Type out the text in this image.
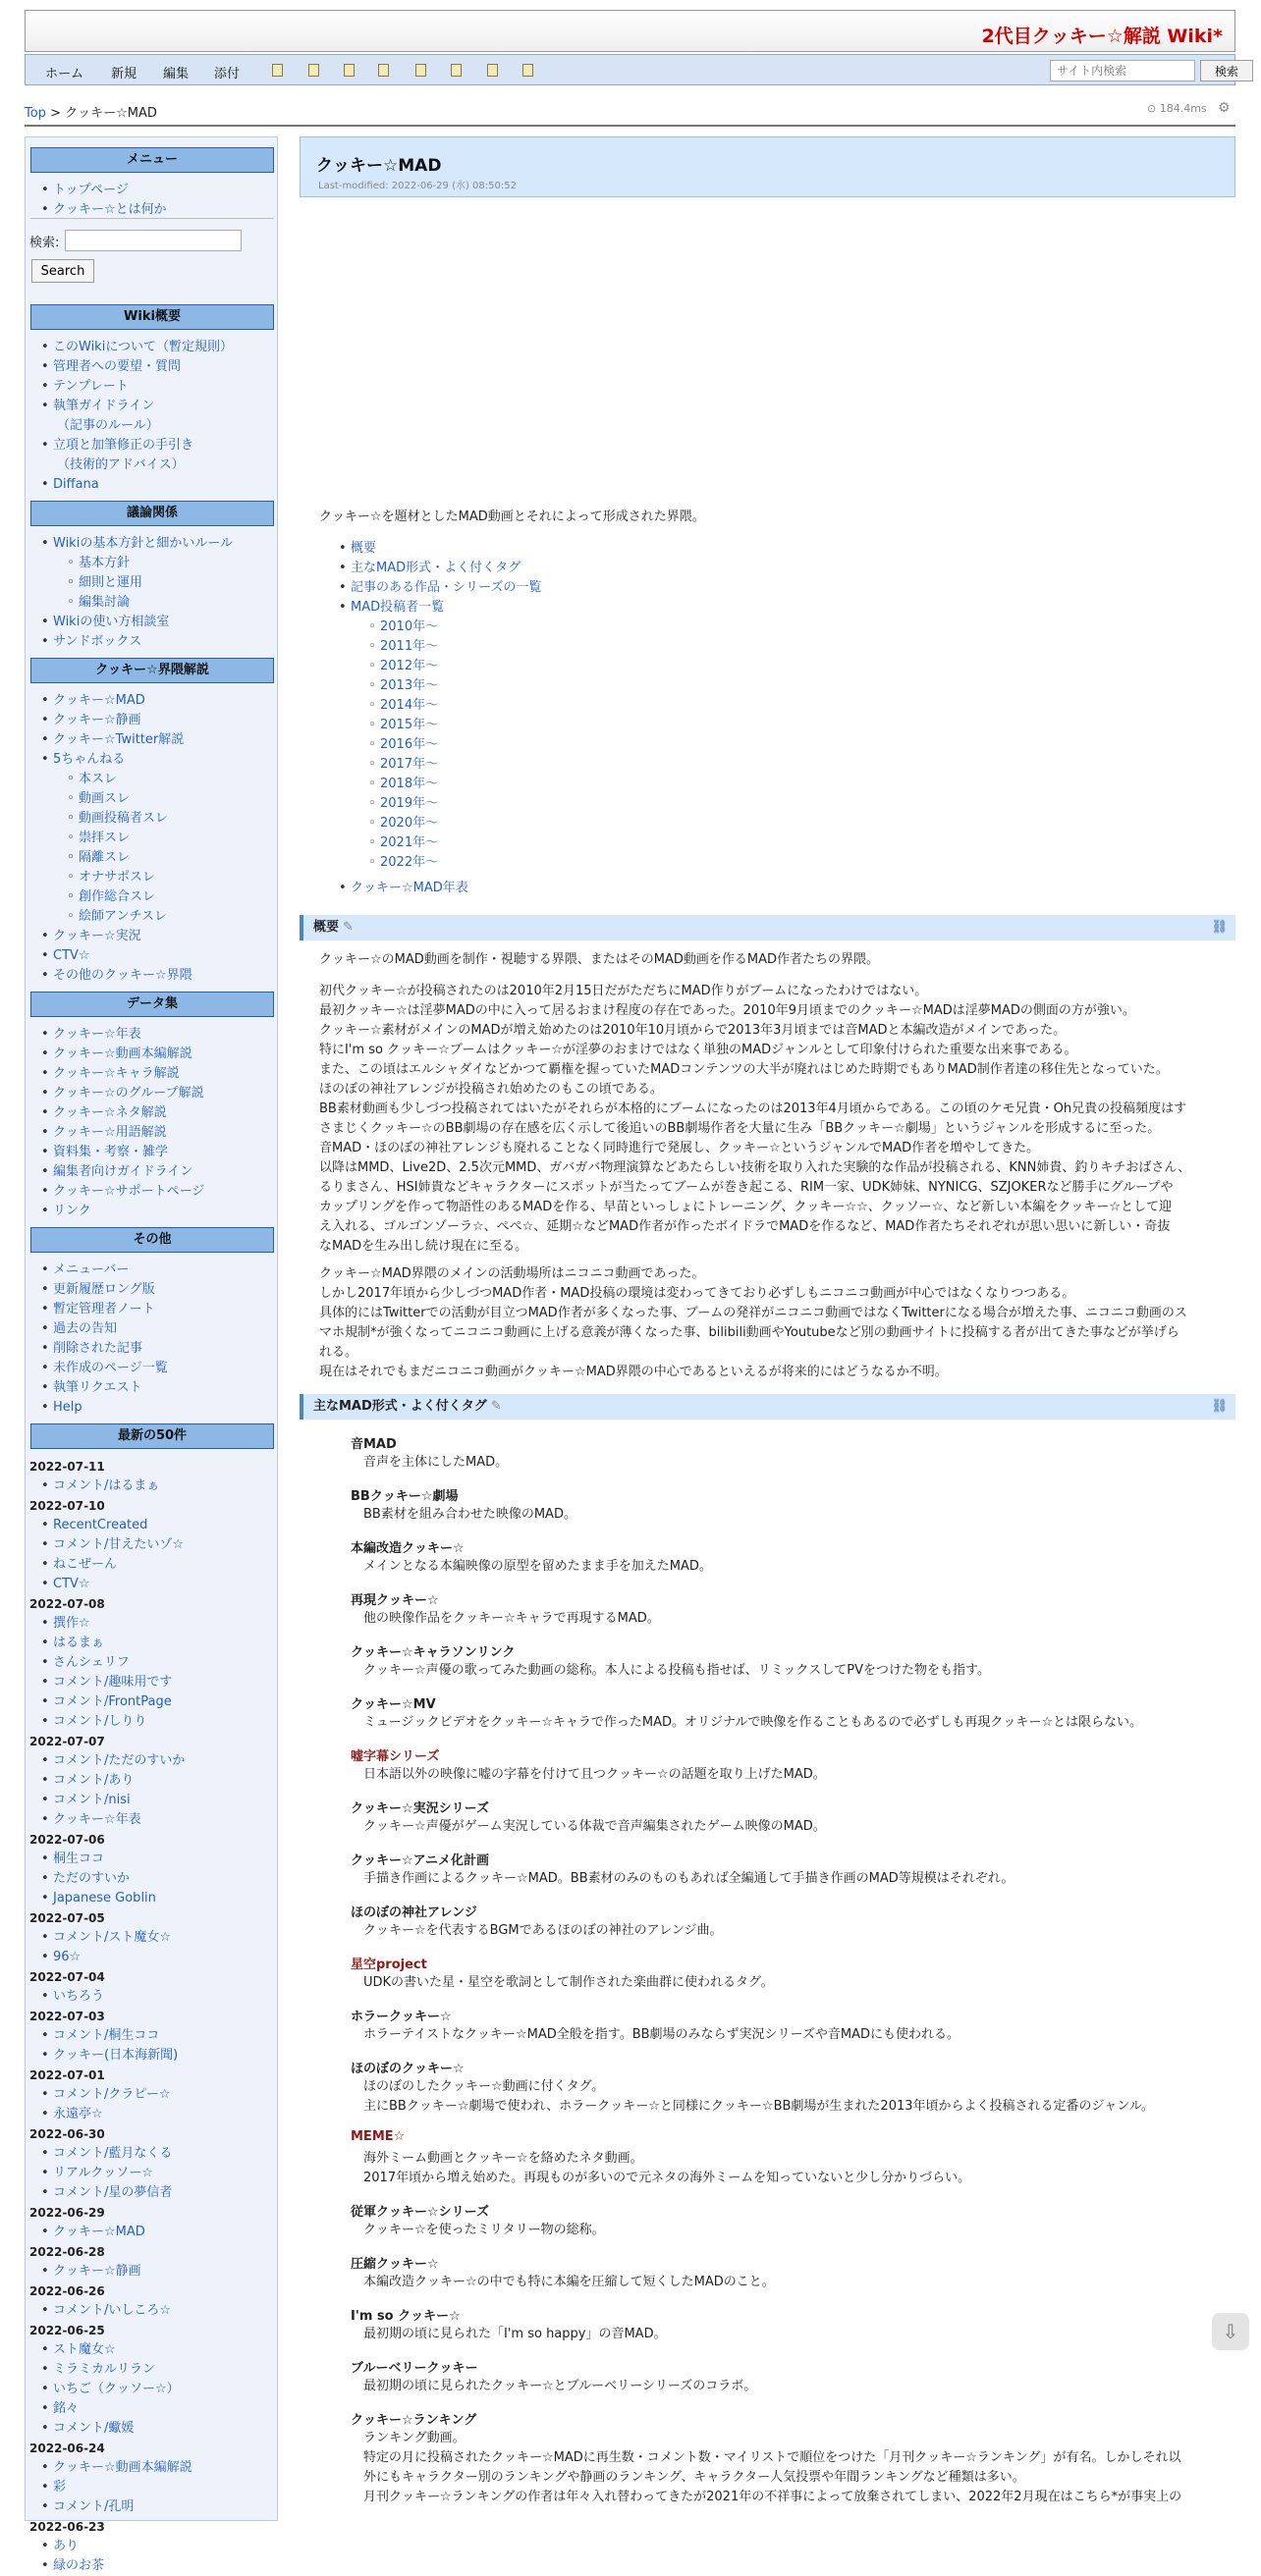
2代目クッキー☆解説 Wiki*
ホーム 新規 編集 添付
サイト内検索	検索
Top > クッキー☆MAD	⊙ 184.4ms ⚙
メニュー
• トップページ
• クッキー☆とは何か
検索:
Search
Wiki概要
• このWikiについて（暫定規則）
• 管理者への要望・質問
• テンプレート
• 執筆ガイドライン
（記事のルール）
• 立項と加筆修正の手引き
（技術的アドバイス）
• Diffana
議論関係
• Wikiの基本方針と細かいルール
◦ 基本方針
◦ 細則と運用
◦ 編集討論
• Wikiの使い方相談室
• サンドボックス
クッキー☆界隈解説
• クッキー☆MAD
• クッキー☆静画
• クッキー☆Twitter解説
• 5ちゃんねる
◦ 本スレ
◦ 動画スレ
◦ 動画投稿者スレ
◦ 祟拝スレ
◦ 隔離スレ
◦ オナサポスレ
◦ 創作総合スレ
◦ 絵師アンチスレ
• クッキー☆実況
• CTV☆
• その他のクッキー☆界隈
データ集
• クッキー☆年表
• クッキー☆動画本編解説
• クッキー☆キャラ解説
• クッキー☆のグループ解説
• クッキー☆ネタ解説
• クッキー☆用語解説
• 資料集・考察・雑学
• 編集者向けガイドライン
• クッキー☆サポートページ
• リンク
その他
• メニューバー
• 更新履歴ロング版
• 暫定管理者ノート
• 過去の告知
• 削除された記事
• 未作成のページ一覧
• 執筆リクエスト
• Help
最新の50件
2022-07-11
• コメント/はるまぁ
2022-07-10
• RecentCreated
• コメント/甘えたいゾ☆
• ねこぜーん
• CTV☆
2022-07-08
• 撰作☆
• はるまぁ
• さんシェリフ
• コメント/趣味用です
• コメント/FrontPage
• コメント/しりり
2022-07-07
• コメント/ただのすいか
• コメント/あり
• コメント/nisi
• クッキー☆年表
2022-07-06
• 桐生ココ
• ただのすいか
• Japanese Goblin
2022-07-05
• コメント/スト魔女☆
• 96☆
2022-07-04
• いちろう
2022-07-03
• コメント/桐生ココ
• クッキー(日本海新聞)
2022-07-01
• コメント/クラピー☆
• 永遠亭☆
2022-06-30
• コメント/藍月なくる
• リアルクッソー☆
• コメント/星の夢信者
2022-06-29
• クッキー☆MAD
2022-06-28
• クッキー☆静画
2022-06-26
• コメント/いしころ☆
2022-06-25
• スト魔女☆
• ミラミカルリラン
• いちご（クッソー☆）
• 銘々
• コメント/蠍媛
2022-06-24
• クッキー☆動画本編解説
• 彩
• コメント/孔明
2022-06-23
• あり
• 緑のお茶
クッキー☆MAD
Last-modified: 2022-06-29 (水) 08:50:52
クッキー☆を題材としたMAD動画とそれによって形成された界隈。
• 概要
• 主なMAD形式・よく付くタグ
• 記事のある作品・シリーズの一覧
• MAD投稿者一覧
◦ 2010年～
◦ 2011年～
◦ 2012年～
◦ 2013年～
◦ 2014年～
◦ 2015年～
◦ 2016年～
◦ 2017年～
◦ 2018年～
◦ 2019年～
◦ 2020年～
◦ 2021年～
◦ 2022年～
• クッキー☆MAD年表
概要 ✎	⛓
クッキー☆のMAD動画を制作・視聴する界隈、またはそのMAD動画を作るMAD作者たちの界隈。
初代クッキー☆が投稿されたのは2010年2月15日だがただちにMAD作りがブームになったわけではない。
最初クッキー☆は淫夢MADの中に入って居るおまけ程度の存在であった。2010年9月頃までのクッキー☆MADは淫夢MADの側面の方が強い。
クッキー☆素材がメインのMADが増え始めたのは2010年10月頃からで2013年3月頃までは音MADと本編改造がメインであった。
特にI'm so クッキー☆ブームはクッキー☆が淫夢のおまけではなく単独のMADジャンルとして印象付けられた重要な出来事である。
また、この頃はエルシャダイなどかつて覇権を握っていたMADコンテンツの大半が廃れはじめた時期でもありMAD制作者達の移住先となっていた。
ほのぼの神社アレンジが投稿され始めたのもこの頃である。
BB素材動画も少しづつ投稿されてはいたがそれらが本格的にブームになったのは2013年4月頃からである。この頃のケモ兄貴・Oh兄貴の投稿頻度はす
さまじくクッキー☆のBB劇場の存在感を広く示して後追いのBB劇場作者を大量に生み「BBクッキー☆劇場」というジャンルを形成するに至った。
音MAD・ほのぼの神社アレンジも廃れることなく同時進行で発展し、クッキー☆というジャンルでMAD作者を増やしてきた。
以降はMMD、Live2D、2.5次元MMD、ガバガバ物理演算などあたらしい技術を取り入れた実験的な作品が投稿される、KNN姉貴、釣りキチおばさん、
るりまさん、HSI姉貴などキャラクターにスポットが当たってブームが巻き起こる、RIM一家、UDK姉妹、NYNICG、SZJOKERなど勝手にグループや
カップリングを作って物語性のあるMADを作る、早苗といっしょにトレーニング、クッキー☆☆、クッソー☆、など新しい本編をクッキー☆として迎
え入れる、ゴルゴンゾーラ☆、ぺぺ☆、延期☆などMAD作者が作ったボイドラでMADを作るなど、MAD作者たちそれぞれが思い思いに新しい・奇抜
なMADを生み出し続け現在に至る。
クッキー☆MAD界隈のメインの活動場所はニコニコ動画であった。
しかし2017年頃から少しづつMAD作者・MAD投稿の環境は変わってきており必ずしもニコニコ動画が中心ではなくなりつつある。
具体的にはTwitterでの活動が目立つMAD作者が多くなった事、ブームの発祥がニコニコ動画ではなくTwitterになる場合が増えた事、ニコニコ動画のス
マホ規制*が強くなってニコニコ動画に上げる意義が薄くなった事、bilibili動画やYoutubeなど別の動画サイトに投稿する者が出てきた事などが挙げら
れる。
現在はそれでもまだニコニコ動画がクッキー☆MAD界隈の中心であるといえるが将来的にはどうなるか不明。
主なMAD形式・よく付くタグ ✎	⛓
音MAD
音声を主体にしたMAD。
BBクッキー☆劇場
BB素材を組み合わせた映像のMAD。
本編改造クッキー☆
メインとなる本編映像の原型を留めたまま手を加えたMAD。
再現クッキー☆
他の映像作品をクッキー☆キャラで再現するMAD。
クッキー☆キャラソンリンク
クッキー☆声優の歌ってみた動画の総称。本人による投稿も指せば、リミックスしてPVをつけた物をも指す。
クッキー☆MV
ミュージックビデオをクッキー☆キャラで作ったMAD。オリジナルで映像を作ることもあるので必ずしも再現クッキー☆とは限らない。
嘘字幕シリーズ
日本語以外の映像に嘘の字幕を付けて且つクッキー☆の話題を取り上げたMAD。
クッキー☆実況シリーズ
クッキー☆声優がゲーム実況している体裁で音声編集されたゲーム映像のMAD。
クッキー☆アニメ化計画
手描き作画によるクッキー☆MAD。BB素材のみのものもあれば全編通して手描き作画のMAD等規模はそれぞれ。
ほのぼの神社アレンジ
クッキー☆を代表するBGMであるほのぼの神社のアレンジ曲。
星空project
UDKの書いた星・星空を歌詞として制作された楽曲群に使われるタグ。
ホラークッキー☆
ホラーテイストなクッキー☆MAD全般を指す。BB劇場のみならず実況シリーズや音MADにも使われる。
ほのぼのクッキー☆
ほのぼのしたクッキー☆動画に付くタグ。
主にBBクッキー☆劇場で使われ、ホラークッキー☆と同様にクッキー☆BB劇場が生まれた2013年頃からよく投稿される定番のジャンル。
MEME☆
海外ミーム動画とクッキー☆を絡めたネタ動画。
2017年頃から増え始めた。再現ものが多いので元ネタの海外ミームを知っていないと少し分かりづらい。
従軍クッキー☆シリーズ
クッキー☆を使ったミリタリー物の総称。
圧縮クッキー☆
本編改造クッキー☆の中でも特に本編を圧縮して短くしたMADのこと。
I'm so クッキー☆
最初期の頃に見られた「I'm so happy」の音MAD。
ブルーベリークッキー
最初期の頃に見られたクッキー☆とブルーベリーシリーズのコラボ。
クッキー☆ランキング
ランキング動画。
特定の月に投稿されたクッキー☆MADに再生数・コメント数・マイリストで順位をつけた「月刊クッキー☆ランキング」が有名。しかしそれ以
外にもキャラクター別のランキングや静画のランキング、キャラクター人気投票や年間ランキングなど種類は多い。
月刊クッキー☆ランキングの作者は年々入れ替わってきたが2021年の不祥事によって放棄されてしまい、2022年2月現在はこちら*が事実上の
⇩
